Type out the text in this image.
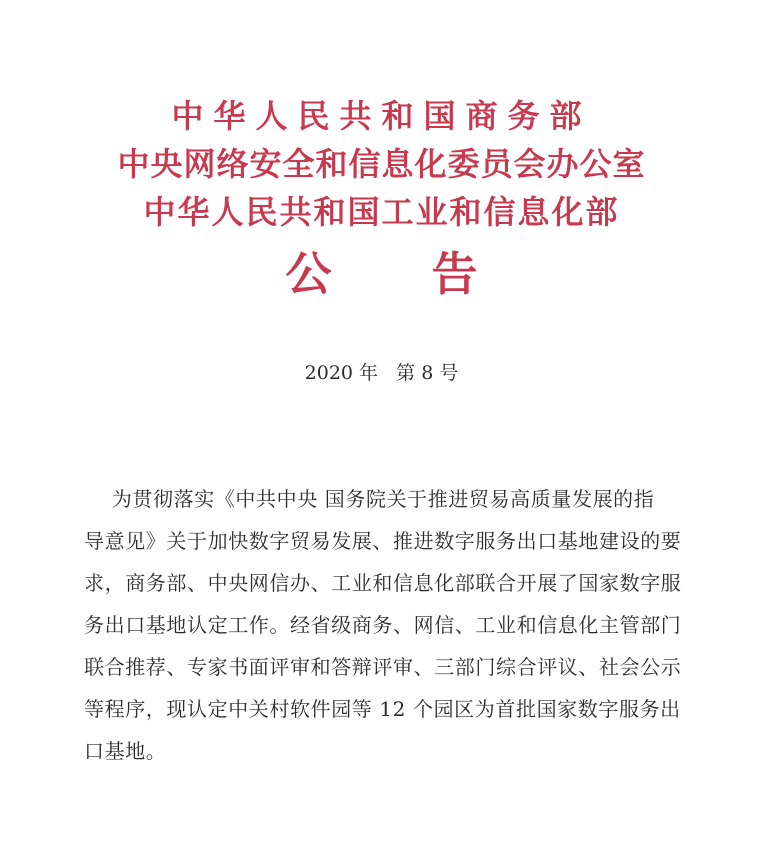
中华人民共和国商务部
中央网络安全和信息化委员会办公室
中华人民共和国工业和信息化部
公告
2020 年   第 8 号
为贯彻落实《中共中央 国务院关于推进贸易高质量发展的指
导意见》关于加快数字贸易发展、推进数字服务出口基地建设的要
求，商务部、中央网信办、工业和信息化部联合开展了国家数字服
务出口基地认定工作。经省级商务、网信、工业和信息化主管部门
联合推荐、专家书面评审和答辩评审、三部门综合评议、社会公示
等程序，现认定中关村软件园等 12 个园区为首批国家数字服务出
口基地。
